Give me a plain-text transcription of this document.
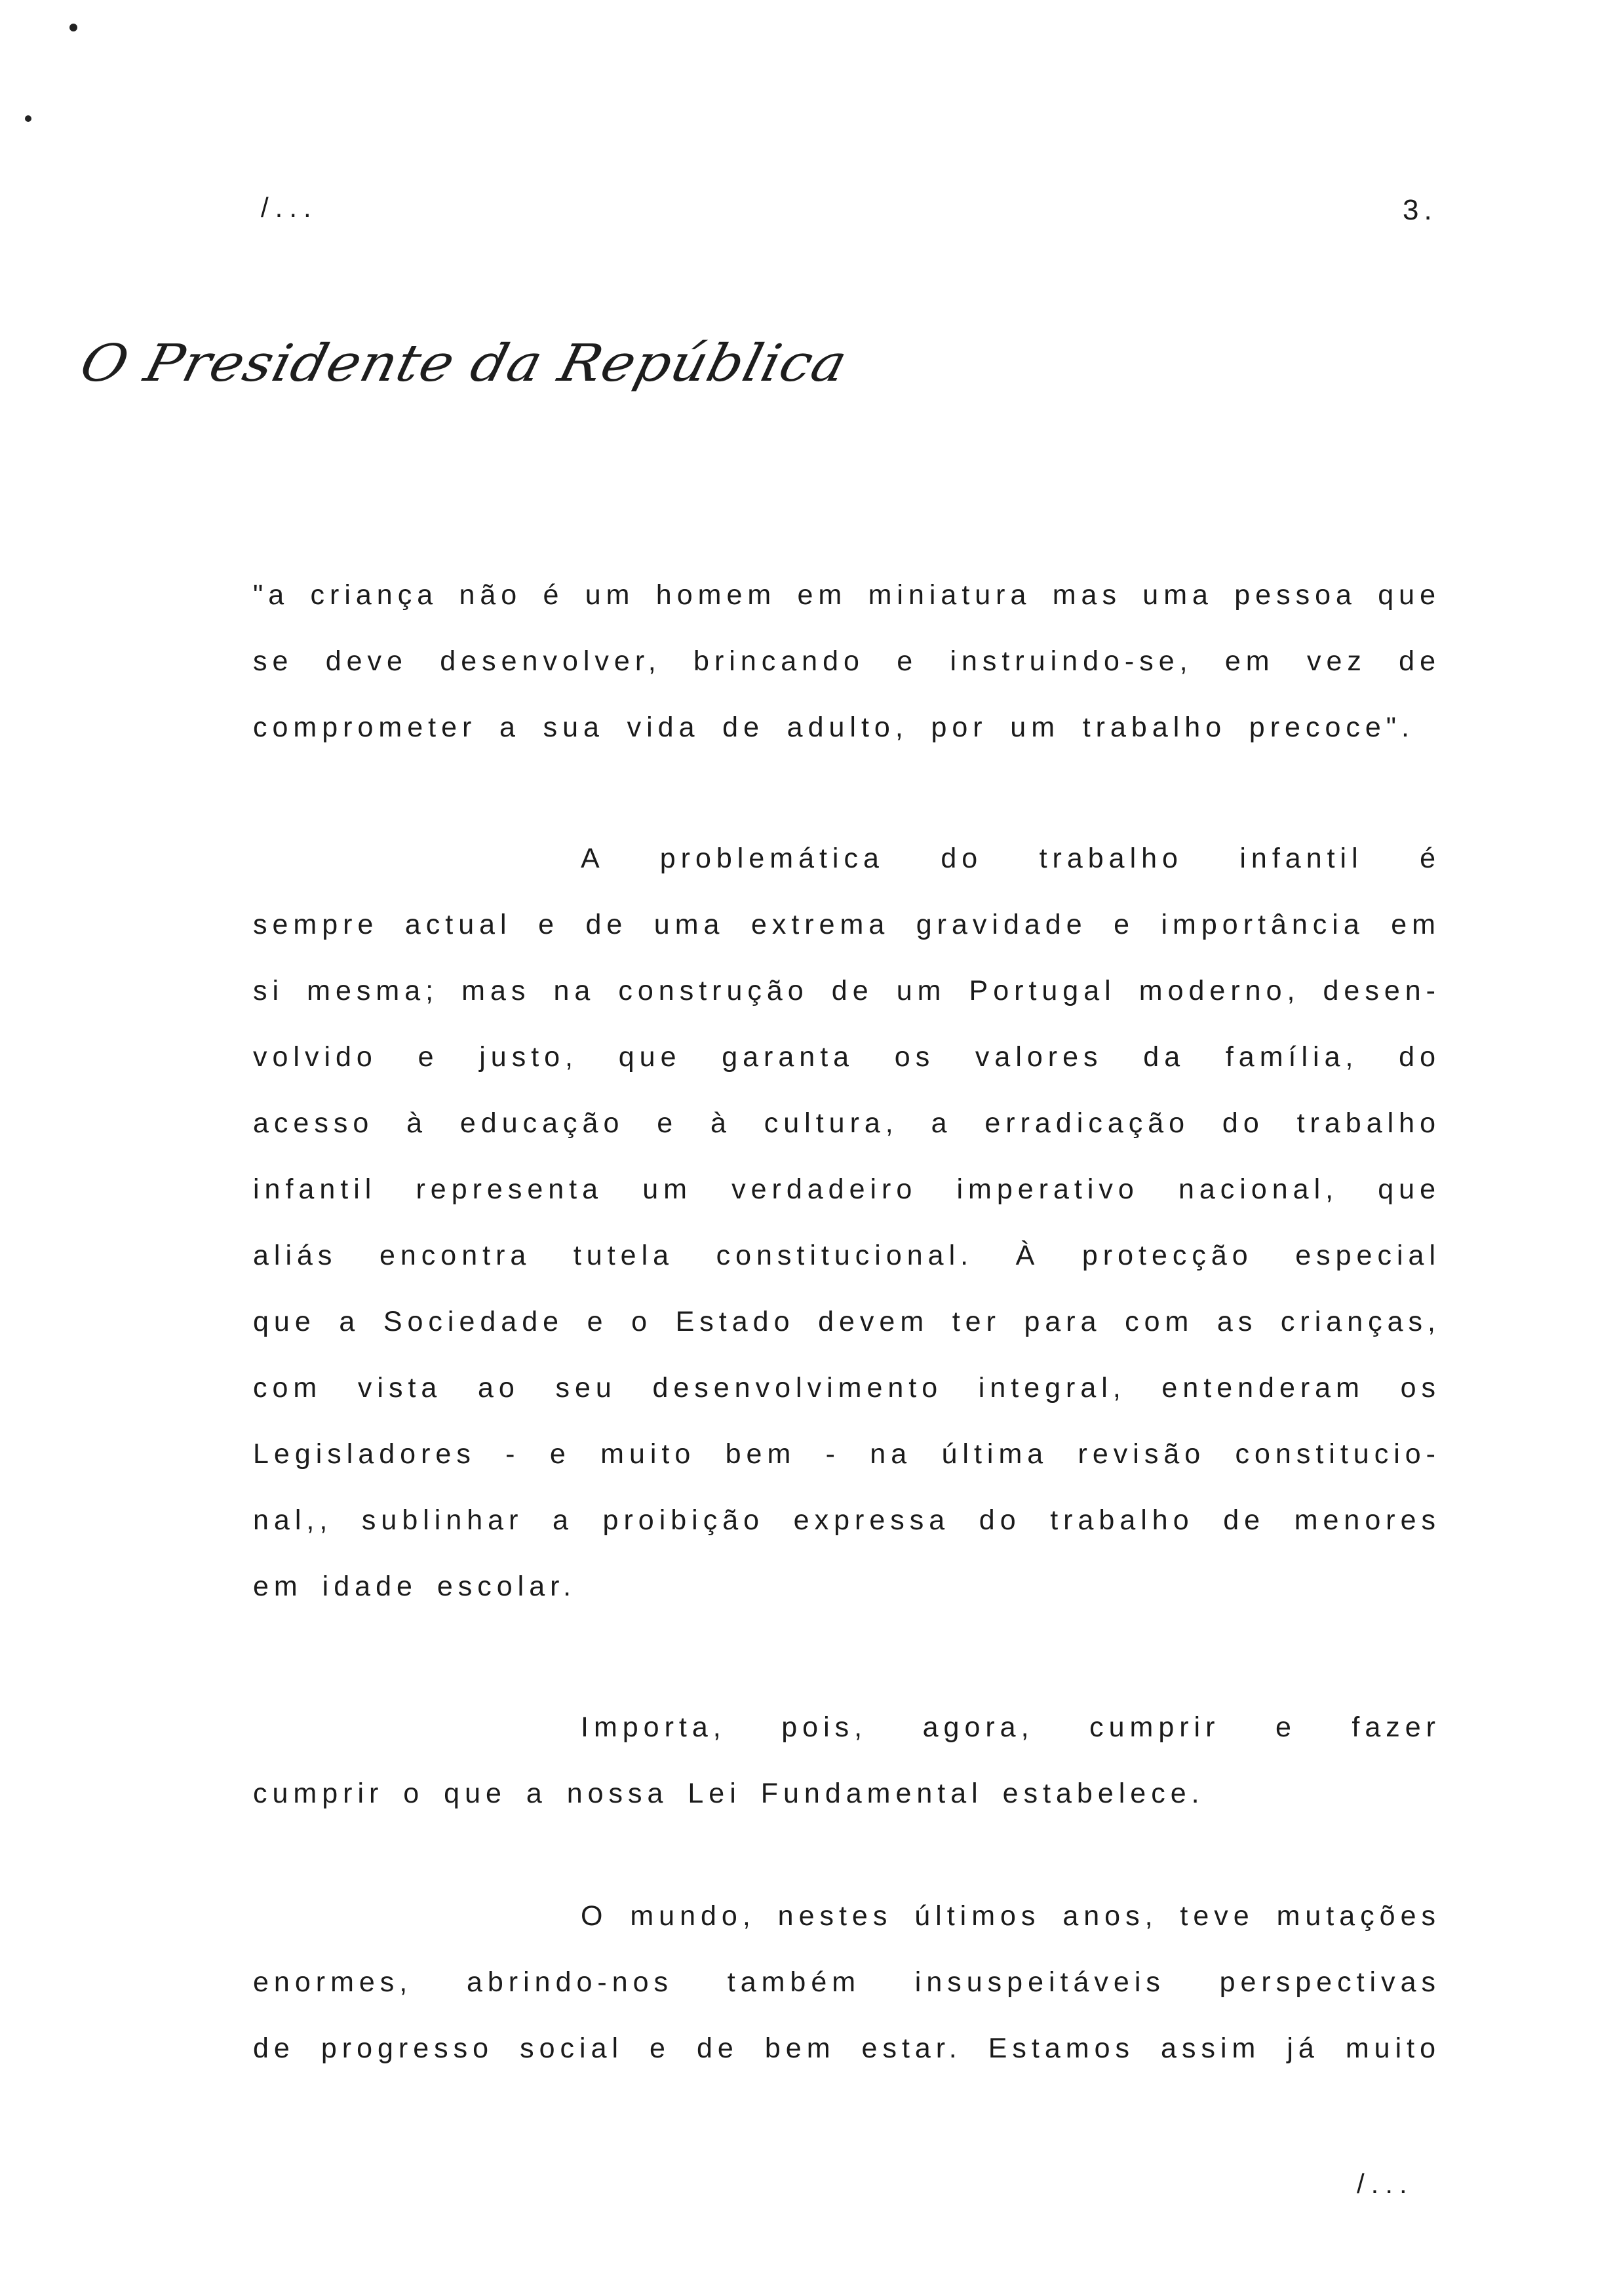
/...	3.
O Presidente da República
"a criança não é um homem em miniatura mas uma pessoa que
se deve desenvolver, brincando e instruindo-se, em vez de
comprometer a sua vida de adulto, por um trabalho precoce".
A problemática do trabalho infantil é
sempre actual e de uma extrema gravidade e importância em
si mesma; mas na construção de um Portugal moderno, desen-
volvido e justo, que garanta os valores da família, do
acesso à educação e à cultura, a erradicação do trabalho
infantil representa um verdadeiro imperativo nacional, que
aliás encontra tutela constitucional. À protecção especial
que a Sociedade e o Estado devem ter para com as crianças,
com vista ao seu desenvolvimento integral, entenderam os
Legisladores - e muito bem - na última revisão constitucio-
nal,, sublinhar a proibição expressa do trabalho de menores
em idade escolar.
Importa, pois, agora, cumprir e fazer
cumprir o que a nossa Lei Fundamental estabelece.
O mundo, nestes últimos anos, teve mutações
enormes, abrindo-nos também insuspeitáveis perspectivas
de progresso social e de bem estar. Estamos assim já muito
/...
